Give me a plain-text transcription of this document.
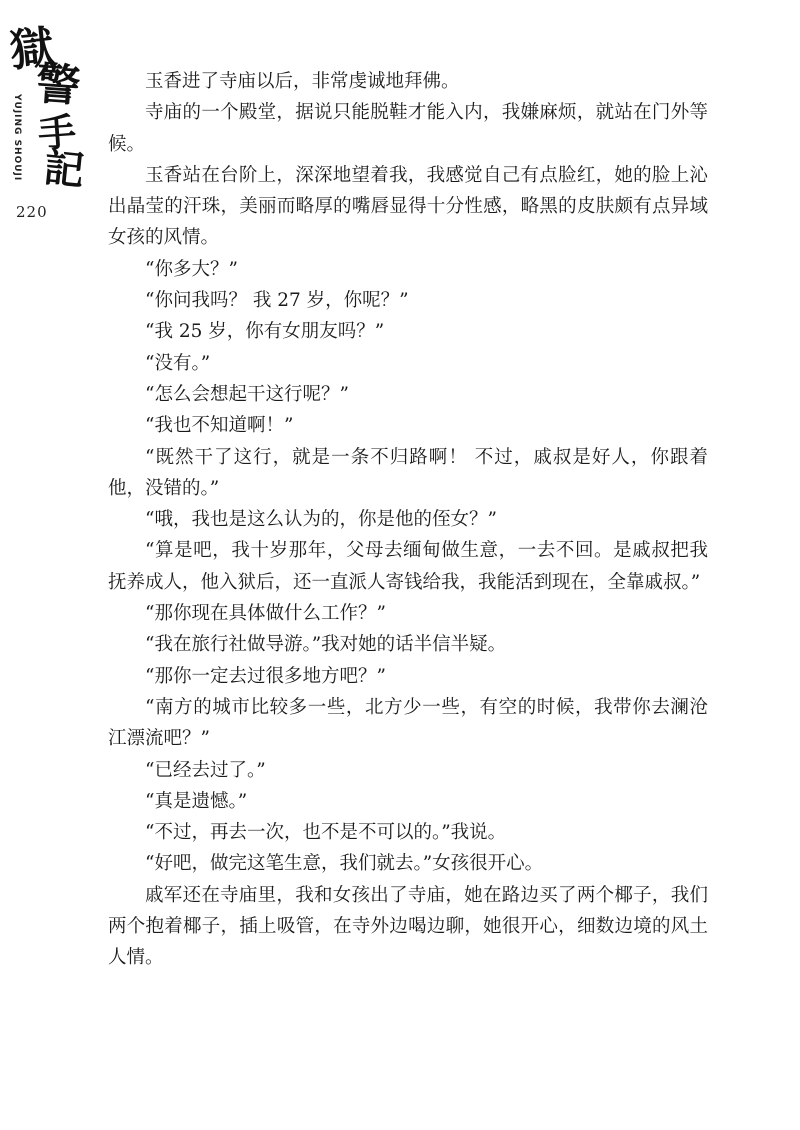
獄
警
手
記
YUJING SHOUJI
220

玉香进了寺庙以后，非常虔诚地拜佛。

寺庙的一个殿堂，据说只能脱鞋才能入内，我嫌麻烦，就站在门外等候。

玉香站在台阶上，深深地望着我，我感觉自己有点脸红，她的脸上沁出晶莹的汗珠，美丽而略厚的嘴唇显得十分性感，略黑的皮肤颇有点异域女孩的风情。

“你多大？”

“你问我吗？ 我 27 岁，你呢？”

“我 25 岁，你有女朋友吗？”

“没有。”

“怎么会想起干这行呢？”

“我也不知道啊！”

“既然干了这行，就是一条不归路啊！ 不过，戚叔是好人，你跟着他，没错的。”

“哦，我也是这么认为的，你是他的侄女？”

“算是吧，我十岁那年，父母去缅甸做生意，一去不回。是戚叔把我抚养成人，他入狱后，还一直派人寄钱给我，我能活到现在，全靠戚叔。”

“那你现在具体做什么工作？”

“我在旅行社做导游。”我对她的话半信半疑。

“那你一定去过很多地方吧？”

“南方的城市比较多一些，北方少一些，有空的时候，我带你去澜沧江漂流吧？”

“已经去过了。”

“真是遗憾。”

“不过，再去一次，也不是不可以的。”我说。

“好吧，做完这笔生意，我们就去。”女孩很开心。

戚军还在寺庙里，我和女孩出了寺庙，她在路边买了两个椰子，我们两个抱着椰子，插上吸管，在寺外边喝边聊，她很开心，细数边境的风土人情。
